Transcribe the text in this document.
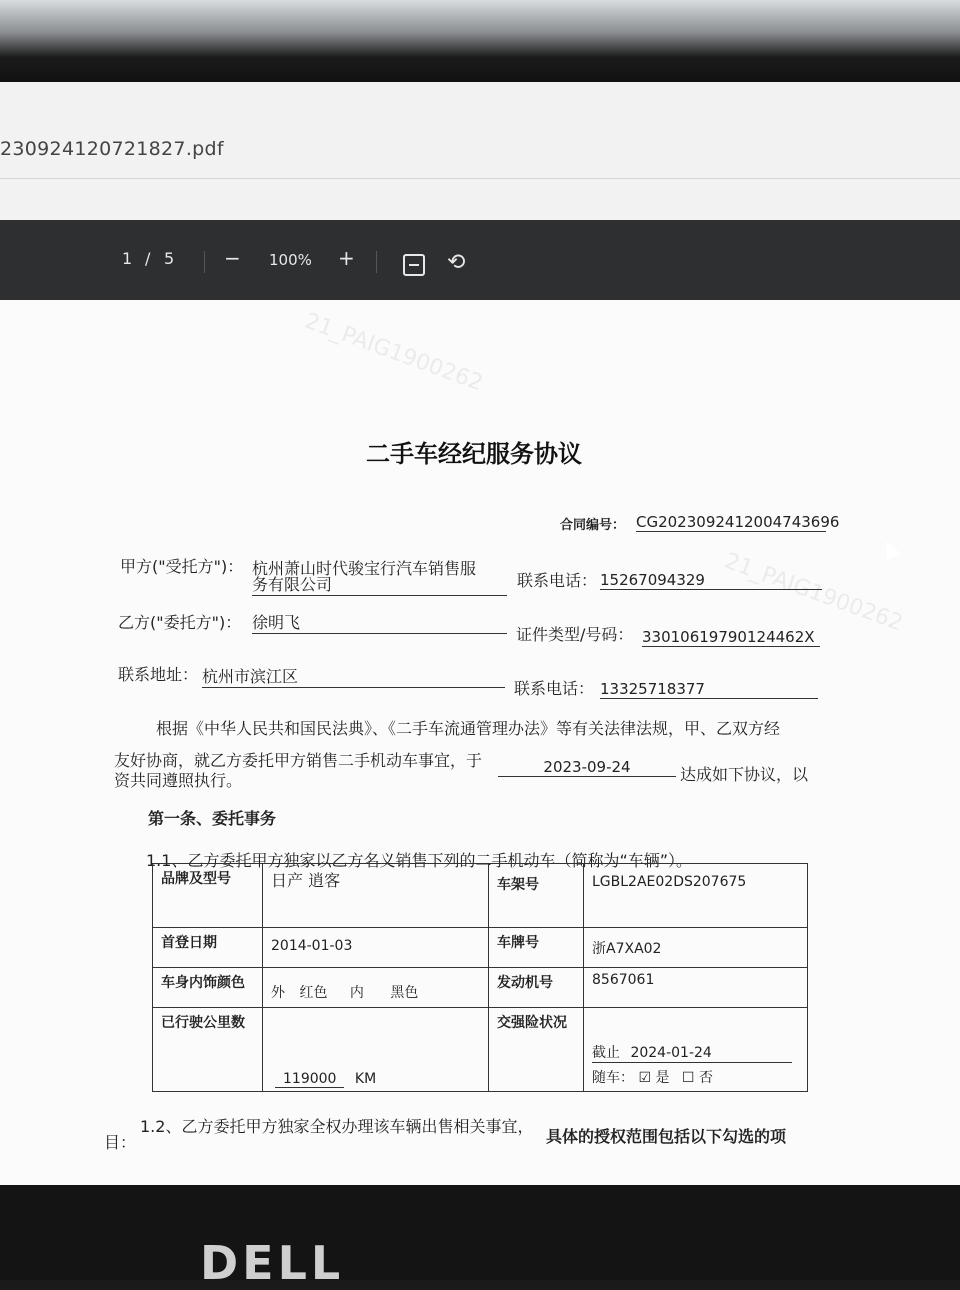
230924120721827.pdf
1 / 5 − 100% +	⟲
21_PAIG1900262
21_PAIG1900262
二手车经纪服务协议
合同编号： CG2023092412004743696
甲方("受托方")： 杭州萧山时代骏宝行汽车销售服
务有限公司	联系电话： 15267094329
乙方("委托方")： 徐明飞
证件类型/号码： 33010619790124462X
联系地址： 杭州市滨江区
联系电话： 13325718377
根据《中华人民共和国民法典》、《二手车流通管理办法》等有关法律法规，甲、乙双方经
友好协商，就乙方委托甲方销售二手机动车事宜，于	2023-09-24	达成如下协议，以
资共同遵照执行。
第一条、委托事务
1.1、乙方委托甲方独家以乙方名义销售下列的二手机动车（简称为“车辆”）。
品牌及型号	日产 逍客	车架号	LGBL2AE02DS207675
首登日期	2014-01-03	车牌号	浙A7XA02
车身内饰颜色	外 红色 内 黑色	发动机号	8567061
已行驶公里数	119000 KM	交强险状况	截止 2024-01-24
随车： ☑ 是 ☐ 否
1.2、乙方委托甲方独家全权办理该车辆出售相关事宜，
具体的授权范围包括以下勾选的项
目：
DELL
